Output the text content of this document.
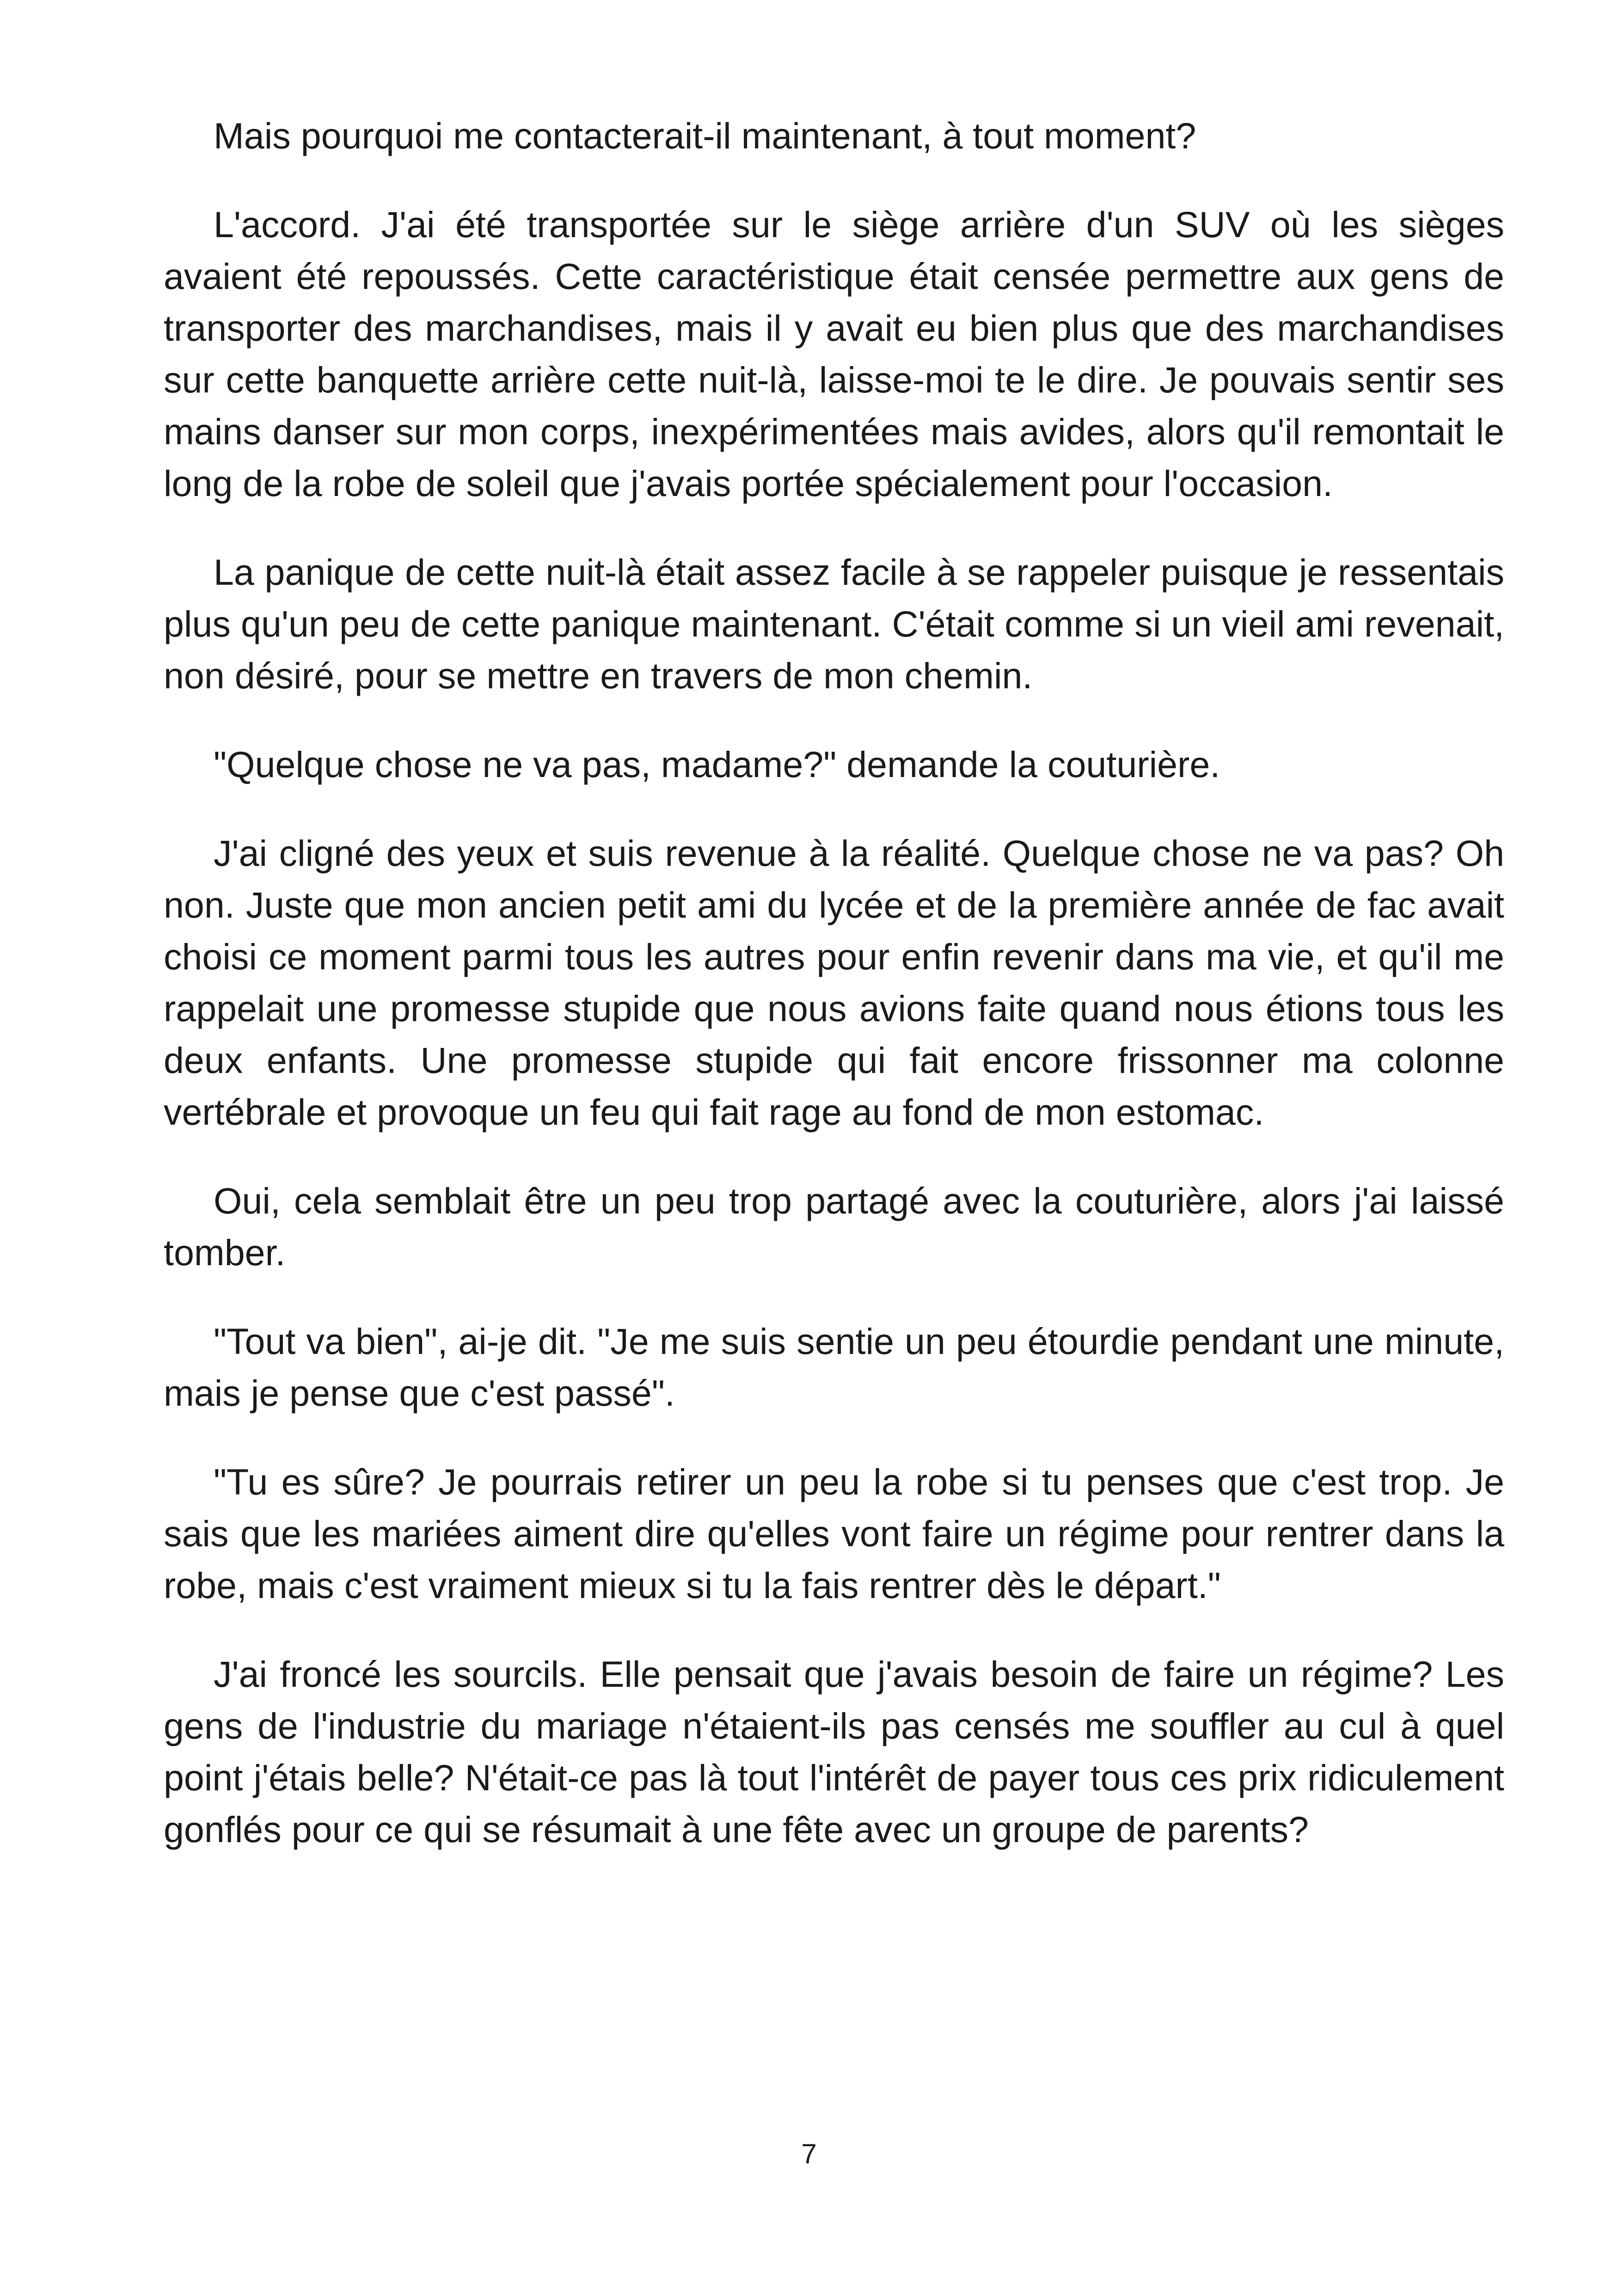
Mais pourquoi me contacterait-il maintenant, à tout moment?

L'accord. J'ai été transportée sur le siège arrière d'un SUV où les sièges avaient été repoussés. Cette caractéristique était censée permettre aux gens de transporter des marchandises, mais il y avait eu bien plus que des marchandises sur cette banquette arrière cette nuit-là, laisse-moi te le dire. Je pouvais sentir ses mains danser sur mon corps, inexpérimentées mais avides, alors qu'il remontait le long de la robe de soleil que j'avais portée spécialement pour l'occasion.

La panique de cette nuit-là était assez facile à se rappeler puisque je ressentais plus qu'un peu de cette panique maintenant. C'était comme si un vieil ami revenait, non désiré, pour se mettre en travers de mon chemin.

"Quelque chose ne va pas, madame?" demande la couturière.

J'ai cligné des yeux et suis revenue à la réalité. Quelque chose ne va pas? Oh non. Juste que mon ancien petit ami du lycée et de la première année de fac avait choisi ce moment parmi tous les autres pour enfin revenir dans ma vie, et qu'il me rappelait une promesse stupide que nous avions faite quand nous étions tous les deux enfants. Une promesse stupide qui fait encore frissonner ma colonne vertébrale et provoque un feu qui fait rage au fond de mon estomac.

Oui, cela semblait être un peu trop partagé avec la couturière, alors j'ai laissé tomber.

"Tout va bien", ai-je dit. "Je me suis sentie un peu étourdie pendant une minute, mais je pense que c'est passé".

"Tu es sûre? Je pourrais retirer un peu la robe si tu penses que c'est trop. Je sais que les mariées aiment dire qu'elles vont faire un régime pour rentrer dans la robe, mais c'est vraiment mieux si tu la fais rentrer dès le départ."

J'ai froncé les sourcils. Elle pensait que j'avais besoin de faire un régime? Les gens de l'industrie du mariage n'étaient-ils pas censés me souffler au cul à quel point j'étais belle? N'était-ce pas là tout l'intérêt de payer tous ces prix ridiculement gonflés pour ce qui se résumait à une fête avec un groupe de parents?

7
